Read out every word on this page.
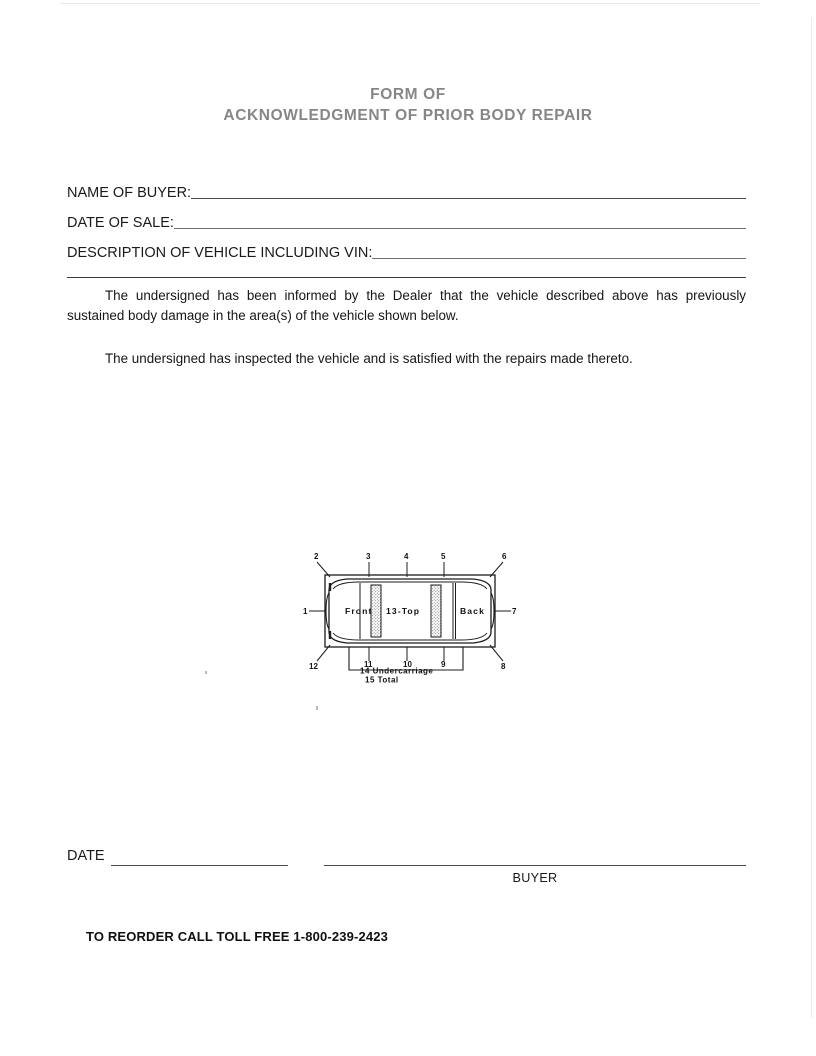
FORM OF
ACKNOWLEDGMENT OF PRIOR BODY REPAIR
NAME OF BUYER:
DATE OF SALE:
DESCRIPTION OF VEHICLE INCLUDING VIN:
The undersigned has been informed by the Dealer that the vehicle described above has previously sustained body damage in the area(s) of the vehicle shown below.
The undersigned has inspected the vehicle and is satisfied with the repairs made thereto.
Front 13-Top	Back
2	3	4	5	6
1	7
12	11	10	9	8
14 Undercarriage
15 Total
DATE
BUYER
TO REORDER CALL TOLL FREE 1-800-239-2423
